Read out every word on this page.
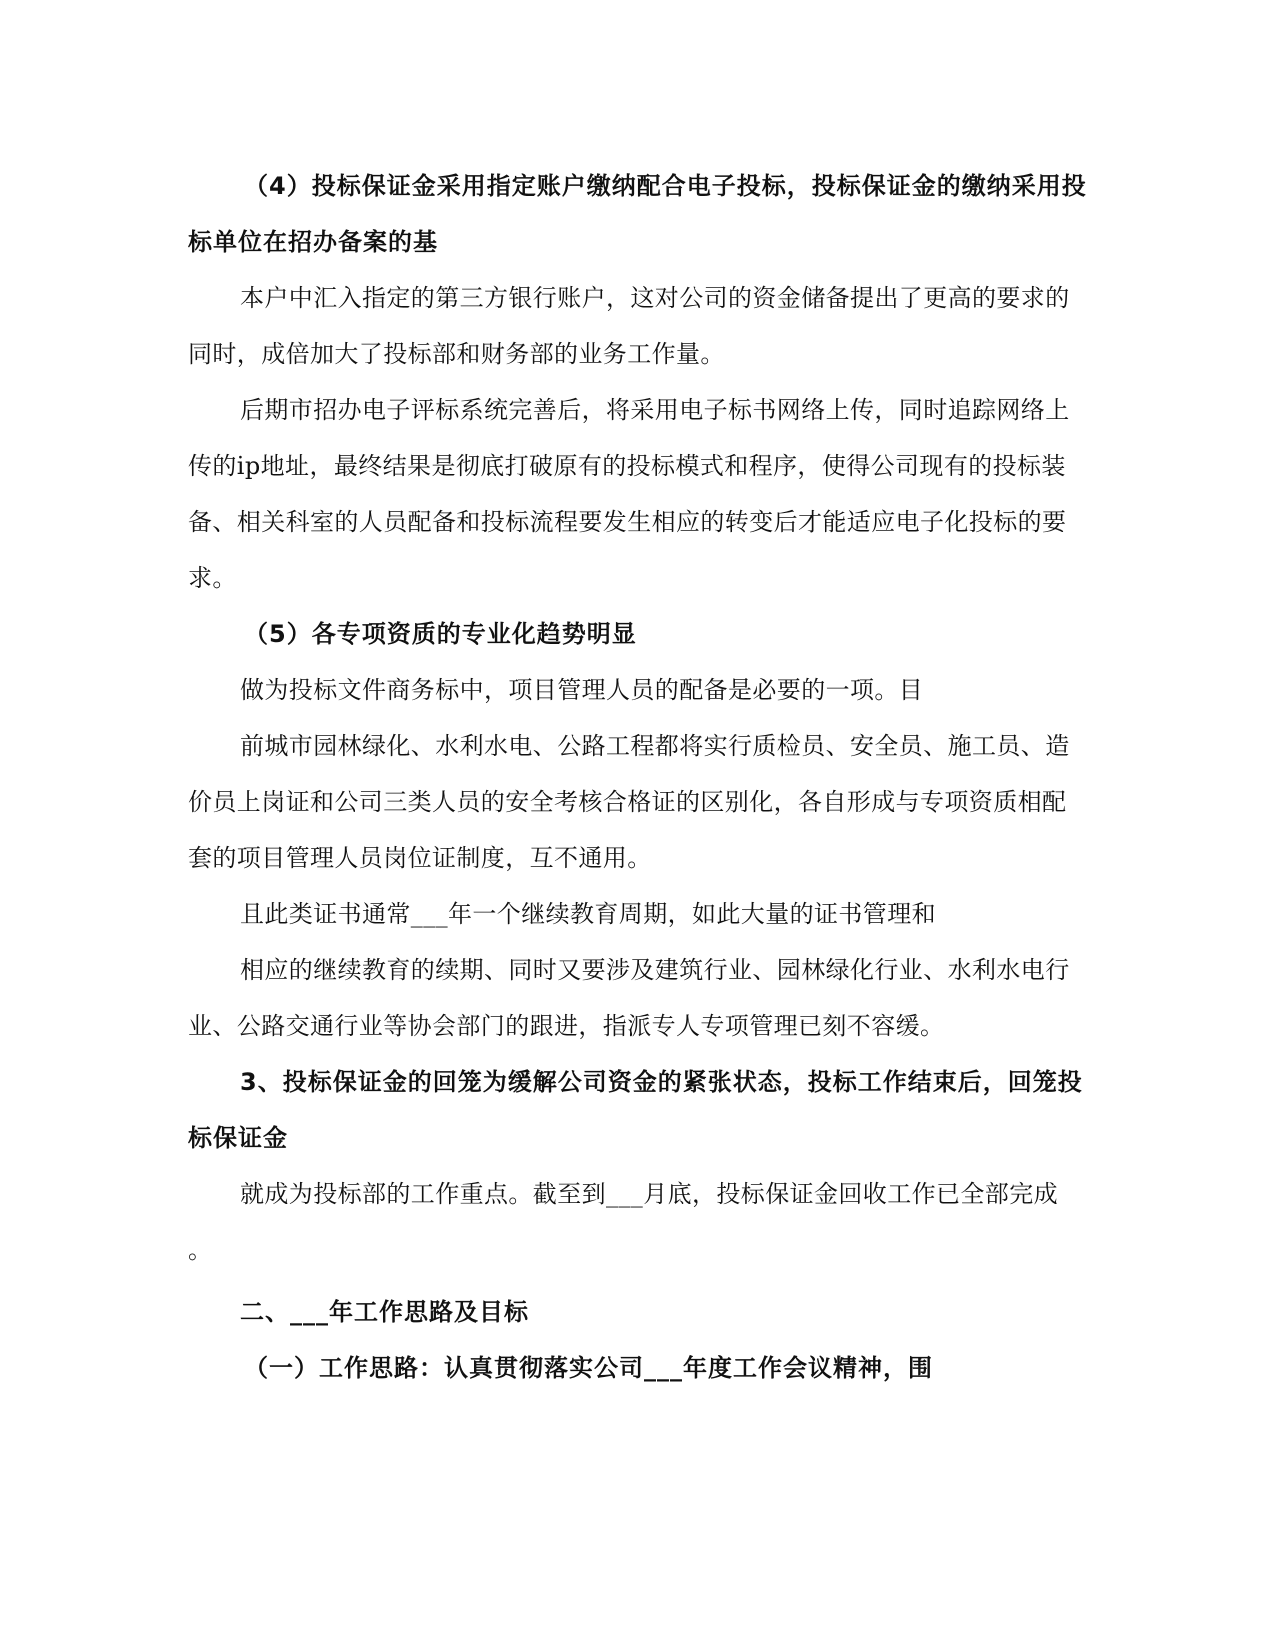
（4）投标保证金采用指定账户缴纳配合电子投标，投标保证金的缴纳采用投
标单位在招办备案的基
本户中汇入指定的第三方银行账户，这对公司的资金储备提出了更高的要求的
同时，成倍加大了投标部和财务部的业务工作量。
后期市招办电子评标系统完善后，将采用电子标书网络上传，同时追踪网络上
传的ip地址，最终结果是彻底打破原有的投标模式和程序，使得公司现有的投标装
备、相关科室的人员配备和投标流程要发生相应的转变后才能适应电子化投标的要
求。
（5）各专项资质的专业化趋势明显
做为投标文件商务标中，项目管理人员的配备是必要的一项。目
前城市园林绿化、水利水电、公路工程都将实行质检员、安全员、施工员、造
价员上岗证和公司三类人员的安全考核合格证的区别化，各自形成与专项资质相配
套的项目管理人员岗位证制度，互不通用。
且此类证书通常___年一个继续教育周期，如此大量的证书管理和
相应的继续教育的续期、同时又要涉及建筑行业、园林绿化行业、水利水电行
业、公路交通行业等协会部门的跟进，指派专人专项管理已刻不容缓。
3、投标保证金的回笼为缓解公司资金的紧张状态，投标工作结束后，回笼投
标保证金
就成为投标部的工作重点。截至到___月底，投标保证金回收工作已全部完成
。
二、___年工作思路及目标
（一）工作思路：认真贯彻落实公司___年度工作会议精神，围
